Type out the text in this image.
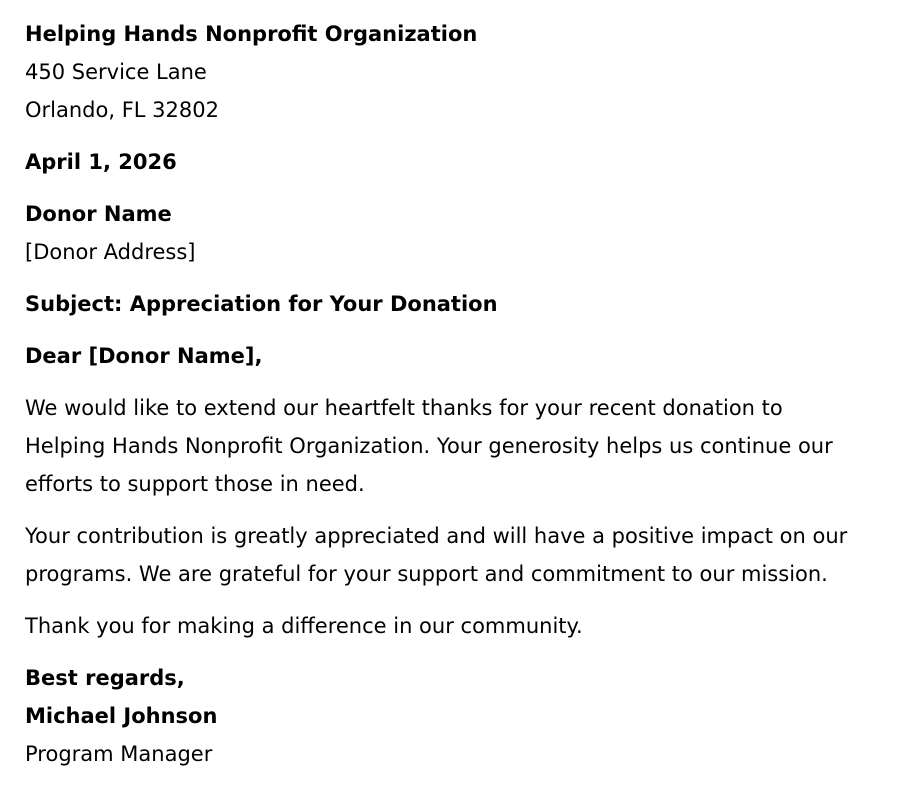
Helping Hands Nonprofit Organization
450 Service Lane
Orlando, FL 32802
April 1, 2026
Donor Name
[Donor Address]
Subject: Appreciation for Your Donation
Dear [Donor Name],
We would like to extend our heartfelt thanks for your recent donation to
Helping Hands Nonprofit Organization. Your generosity helps us continue our
efforts to support those in need.
Your contribution is greatly appreciated and will have a positive impact on our
programs. We are grateful for your support and commitment to our mission.
Thank you for making a difference in our community.
Best regards,
Michael Johnson
Program Manager
